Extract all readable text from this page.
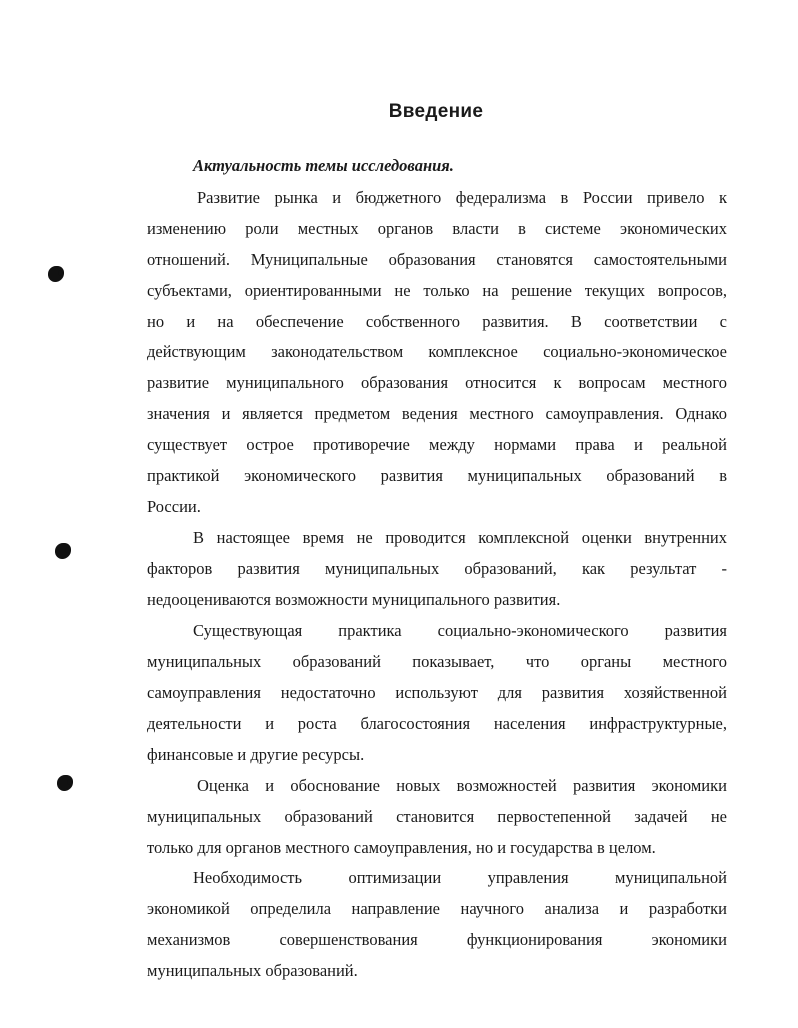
Введение
Актуальность темы исследования.
Развитие рынка и бюджетного федерализма в России привело к
изменению роли местных органов власти в системе экономических
отношений. Муниципальные образования становятся самостоятельными
субъектами, ориентированными не только на решение текущих вопросов,
но и на обеспечение собственного развития. В соответствии с
действующим законодательством комплексное социально-экономическое
развитие муниципального образования относится к вопросам местного
значения и является предметом ведения местного самоуправления. Однако
существует острое противоречие между нормами права и реальной
практикой экономического развития муниципальных образований в
России.
В настоящее время не проводится комплексной оценки внутренних
факторов развития муниципальных образований, как результат -
недооцениваются возможности муниципального развития.
Существующая практика социально-экономического развития
муниципальных образований показывает, что органы местного
самоуправления недостаточно используют для развития хозяйственной
деятельности и роста благосостояния населения инфраструктурные,
финансовые и другие ресурсы.
Оценка и обоснование новых возможностей развития экономики
муниципальных образований становится первостепенной задачей не
только для органов местного самоуправления, но и государства в целом.
Необходимость оптимизации управления муниципальной
экономикой определила направление научного анализа и разработки
механизмов совершенствования функционирования экономики
муниципальных образований.
